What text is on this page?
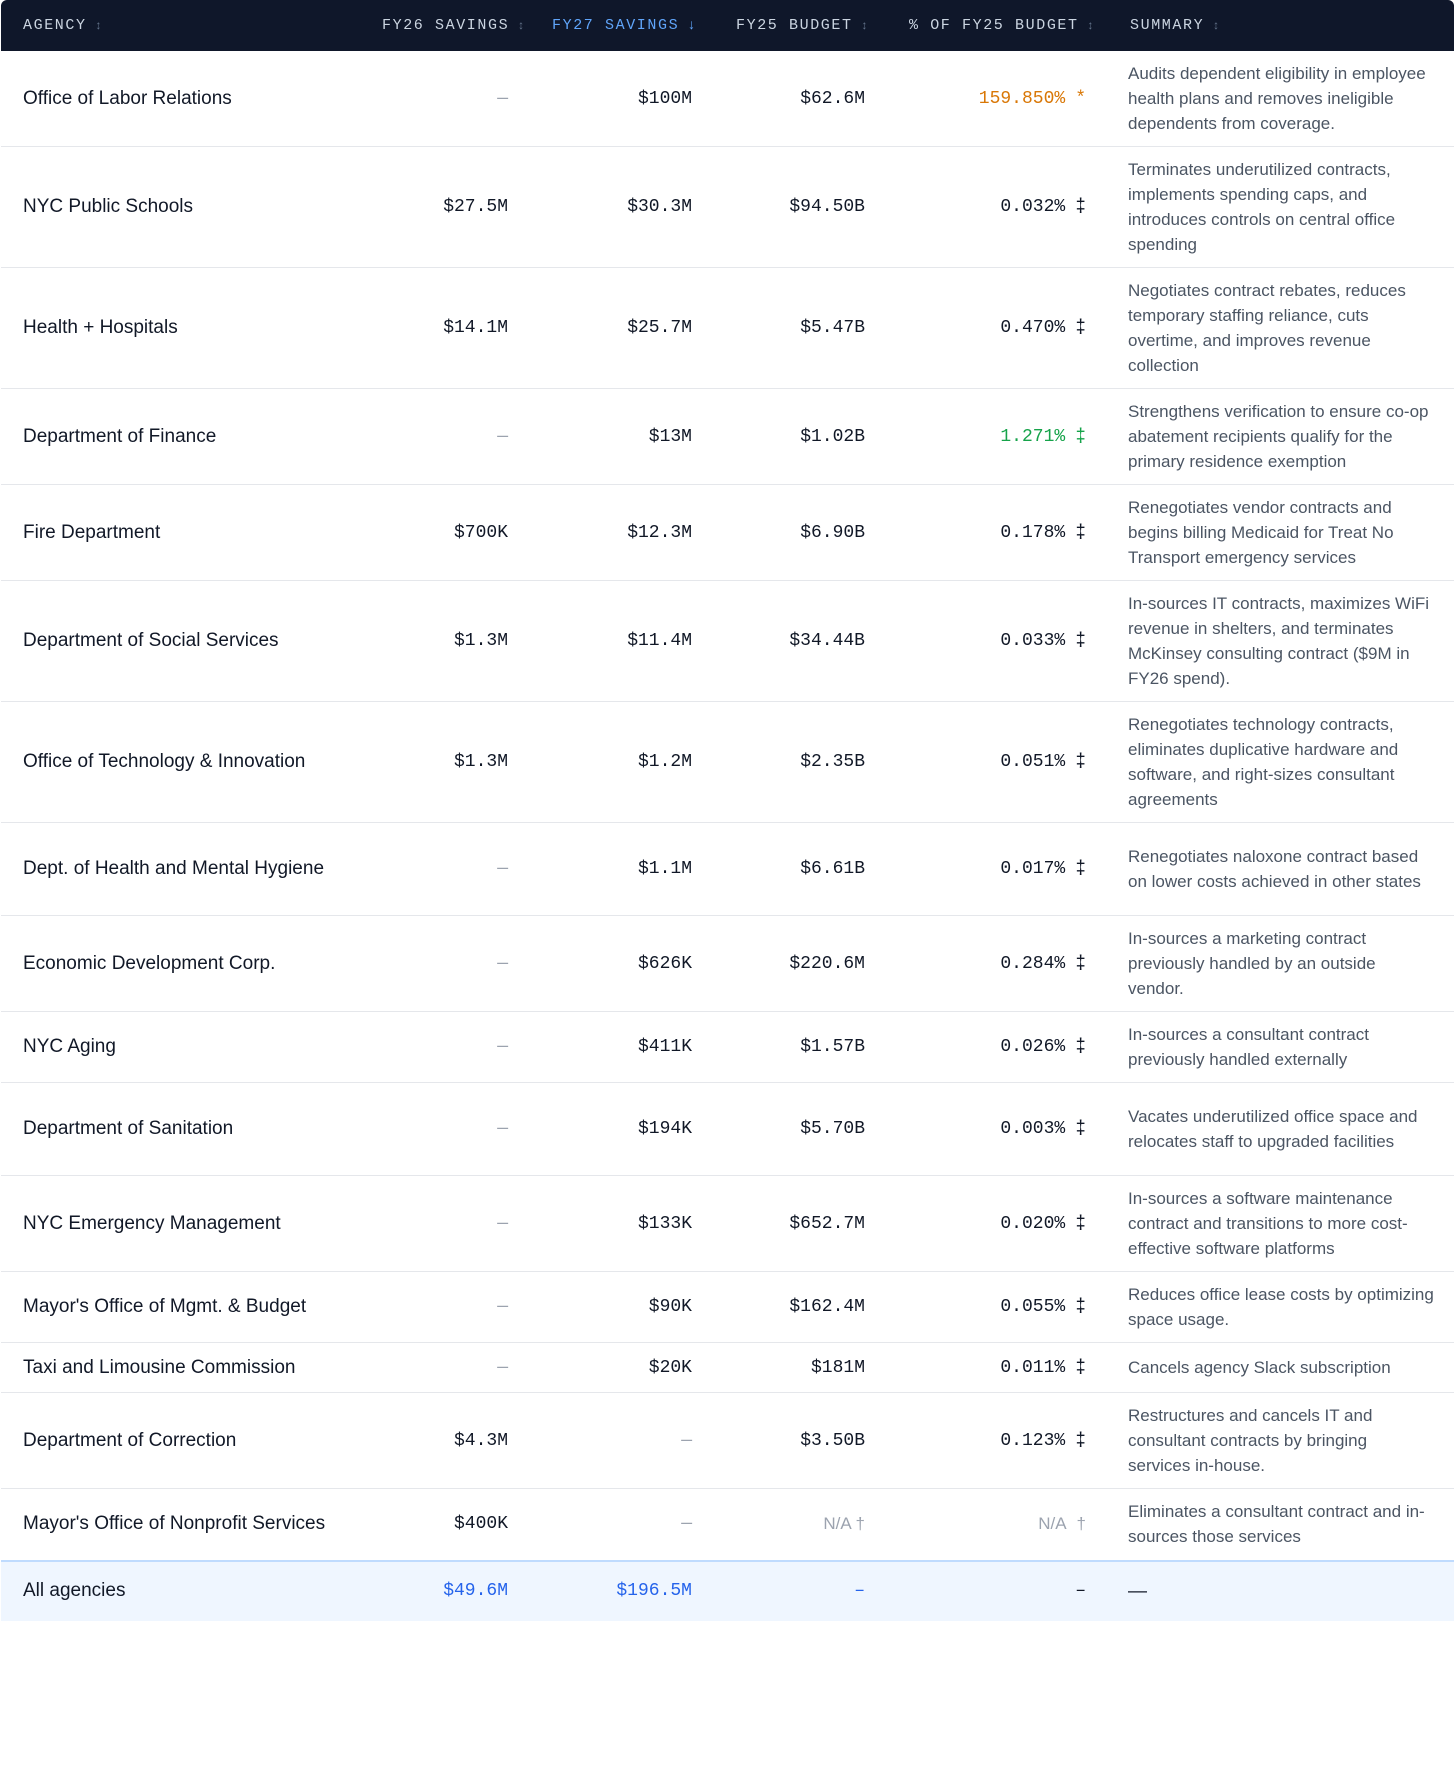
AGENCY ↕	FY26 SAVINGS ↕	FY27 SAVINGS ↓	FY25 BUDGET ↕	% OF FY25 BUDGET ↕	SUMMARY ↕
Office of Labor Relations	—	$100M	$62.6M	159.850% *	Audits dependent eligibility in employee health plans and removes ineligible dependents from coverage.
NYC Public Schools	$27.5M	$30.3M	$94.50B	0.032% ‡	Terminates underutilized contracts, implements spending caps, and introduces controls on central office spending
Health + Hospitals	$14.1M	$25.7M	$5.47B	0.470% ‡	Negotiates contract rebates, reduces temporary staffing reliance, cuts overtime, and improves revenue collection
Department of Finance	—	$13M	$1.02B	1.271% ‡	Strengthens verification to ensure co-op abatement recipients qualify for the primary residence exemption
Fire Department	$700K	$12.3M	$6.90B	0.178% ‡	Renegotiates vendor contracts and begins billing Medicaid for Treat No Transport emergency services
Department of Social Services	$1.3M	$11.4M	$34.44B	0.033% ‡	In-sources IT contracts, maximizes WiFi revenue in shelters, and terminates McKinsey consulting contract ($9M in FY26 spend).
Office of Technology & Innovation	$1.3M	$1.2M	$2.35B	0.051% ‡	Renegotiates technology contracts, eliminates duplicative hardware and software, and right-sizes consultant agreements
Dept. of Health and Mental Hygiene	—	$1.1M	$6.61B	0.017% ‡	Renegotiates naloxone contract based on lower costs achieved in other states
Economic Development Corp.	—	$626K	$220.6M	0.284% ‡	In-sources a marketing contract previously handled by an outside vendor.
NYC Aging	—	$411K	$1.57B	0.026% ‡	In-sources a consultant contract previously handled externally
Department of Sanitation	—	$194K	$5.70B	0.003% ‡	Vacates underutilized office space and relocates staff to upgraded facilities
NYC Emergency Management	—	$133K	$652.7M	0.020% ‡	In-sources a software maintenance contract and transitions to more cost-effective software platforms
Mayor's Office of Mgmt. & Budget	—	$90K	$162.4M	0.055% ‡	Reduces office lease costs by optimizing space usage.
Taxi and Limousine Commission	—	$20K	$181M	0.011% ‡	Cancels agency Slack subscription
Department of Correction	$4.3M	—	$3.50B	0.123% ‡	Restructures and cancels IT and consultant contracts by bringing services in-house.
Mayor's Office of Nonprofit Services	$400K	—	N/A †	N/A †	Eliminates a consultant contract and in-sources those services
All agencies	$49.6M	$196.5M	–	–	—
